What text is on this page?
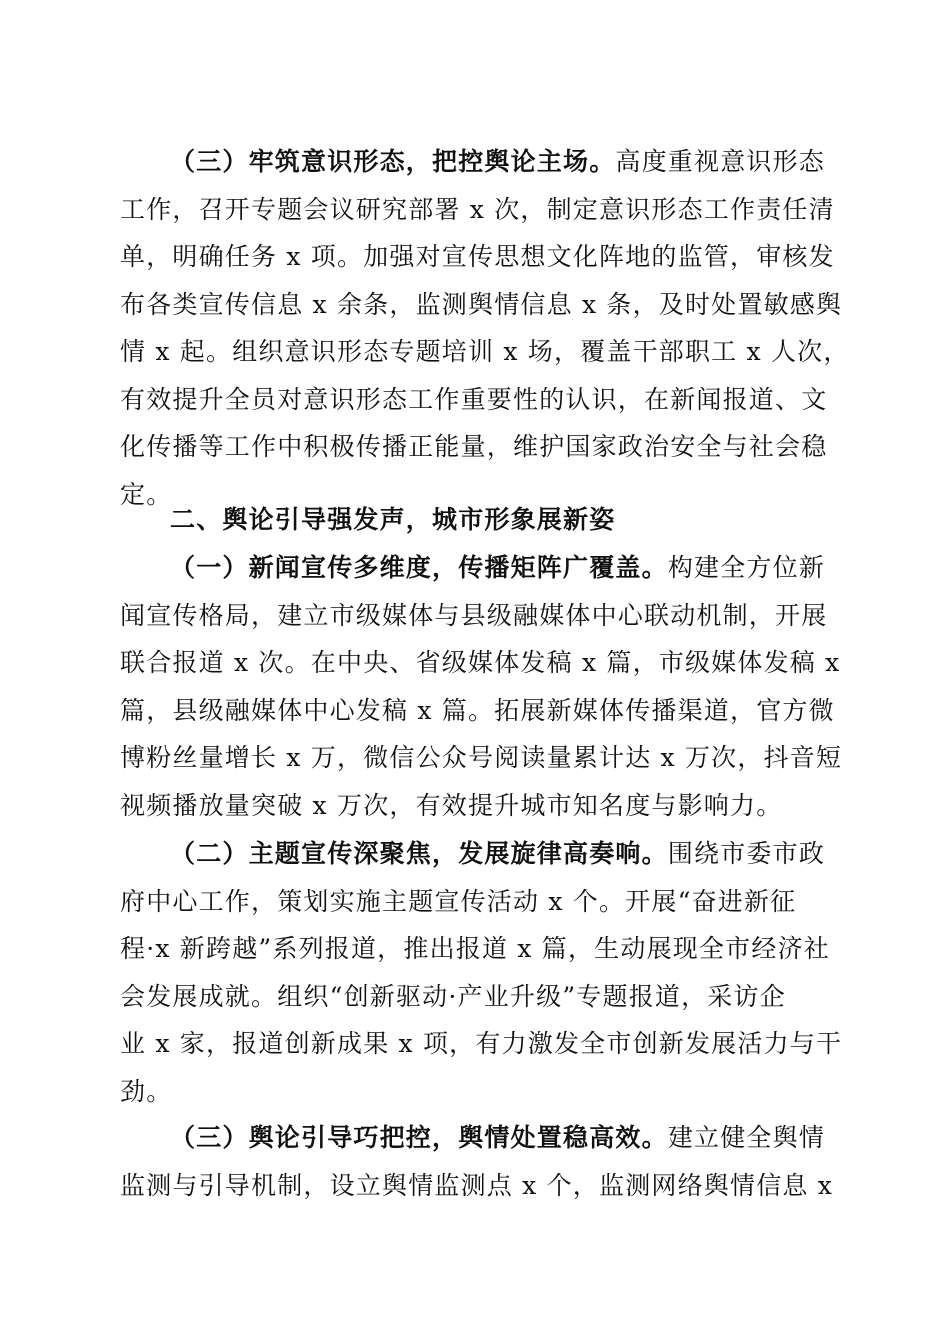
（三）牢筑意识形态，把控舆论主场。高度重视意识形态
工作，召开专题会议研究部署 x 次，制定意识形态工作责任清
单，明确任务 x 项。加强对宣传思想文化阵地的监管，审核发
布各类宣传信息 x 余条，监测舆情信息 x 条，及时处置敏感舆
情 x 起。组织意识形态专题培训 x 场，覆盖干部职工 x 人次，
有效提升全员对意识形态工作重要性的认识，在新闻报道、文
化传播等工作中积极传播正能量，维护国家政治安全与社会稳
定。
二、舆论引导强发声，城市形象展新姿
（一）新闻宣传多维度，传播矩阵广覆盖。构建全方位新
闻宣传格局，建立市级媒体与县级融媒体中心联动机制，开展
联合报道 x 次。在中央、省级媒体发稿 x 篇，市级媒体发稿 x
篇，县级融媒体中心发稿 x 篇。拓展新媒体传播渠道，官方微
博粉丝量增长 x 万，微信公众号阅读量累计达 x 万次，抖音短
视频播放量突破 x 万次，有效提升城市知名度与影响力。
（二）主题宣传深聚焦，发展旋律高奏响。围绕市委市政
府中心工作，策划实施主题宣传活动 x 个。开展“奋进新征
程·x 新跨越”系列报道，推出报道 x 篇，生动展现全市经济社
会发展成就。组织“创新驱动·产业升级”专题报道，采访企
业 x 家，报道创新成果 x 项，有力激发全市创新发展活力与干
劲。
（三）舆论引导巧把控，舆情处置稳高效。建立健全舆情
监测与引导机制，设立舆情监测点 x 个，监测网络舆情信息 x
